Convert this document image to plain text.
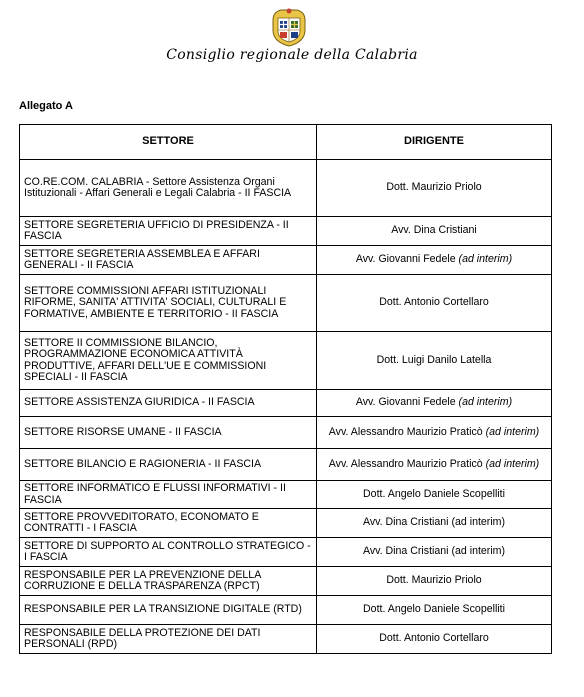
Consiglio regionale della Calabria
Allegato A
SETTORE	DIRIGENTE
CO.RE.COM. CALABRIA - Settore Assistenza Organi Istituzionali - Affari Generali e Legali Calabria - II FASCIA	Dott. Maurizio Priolo
SETTORE SEGRETERIA UFFICIO DI PRESIDENZA - II FASCIA	Avv. Dina Cristiani
SETTORE SEGRETERIA ASSEMBLEA E AFFARI GENERALI - II FASCIA	Avv. Giovanni Fedele (ad interim)
SETTORE COMMISSIONI AFFARI ISTITUZIONALI RIFORME, SANITA' ATTIVITA' SOCIALI, CULTURALI E FORMATIVE, AMBIENTE E TERRITORIO - II FASCIA	Dott. Antonio Cortellaro
SETTORE II COMMISSIONE BILANCIO, PROGRAMMAZIONE ECONOMICA ATTIVITÀ PRODUTTIVE, AFFARI DELL'UE E COMMISSIONI SPECIALI - II FASCIA	Dott. Luigi Danilo Latella
SETTORE ASSISTENZA GIURIDICA - II FASCIA	Avv. Giovanni Fedele (ad interim)
SETTORE RISORSE UMANE - II FASCIA	Avv. Alessandro Maurizio Praticò (ad interim)
SETTORE BILANCIO E RAGIONERIA - II FASCIA	Avv. Alessandro Maurizio Praticò (ad interim)
SETTORE INFORMATICO E FLUSSI INFORMATIVI - II FASCIA	Dott. Angelo Daniele Scopelliti
SETTORE PROVVEDITORATO, ECONOMATO E CONTRATTI - I FASCIA	Avv. Dina Cristiani (ad interim)
SETTORE DI SUPPORTO AL CONTROLLO STRATEGICO - I FASCIA	Avv. Dina Cristiani (ad interim)
RESPONSABILE PER LA PREVENZIONE DELLA CORRUZIONE E DELLA TRASPARENZA (RPCT)	Dott. Maurizio Priolo
RESPONSABILE PER LA TRANSIZIONE DIGITALE (RTD)	Dott. Angelo Daniele Scopelliti
RESPONSABILE DELLA PROTEZIONE DEI DATI PERSONALI (RPD)	Dott. Antonio Cortellaro
